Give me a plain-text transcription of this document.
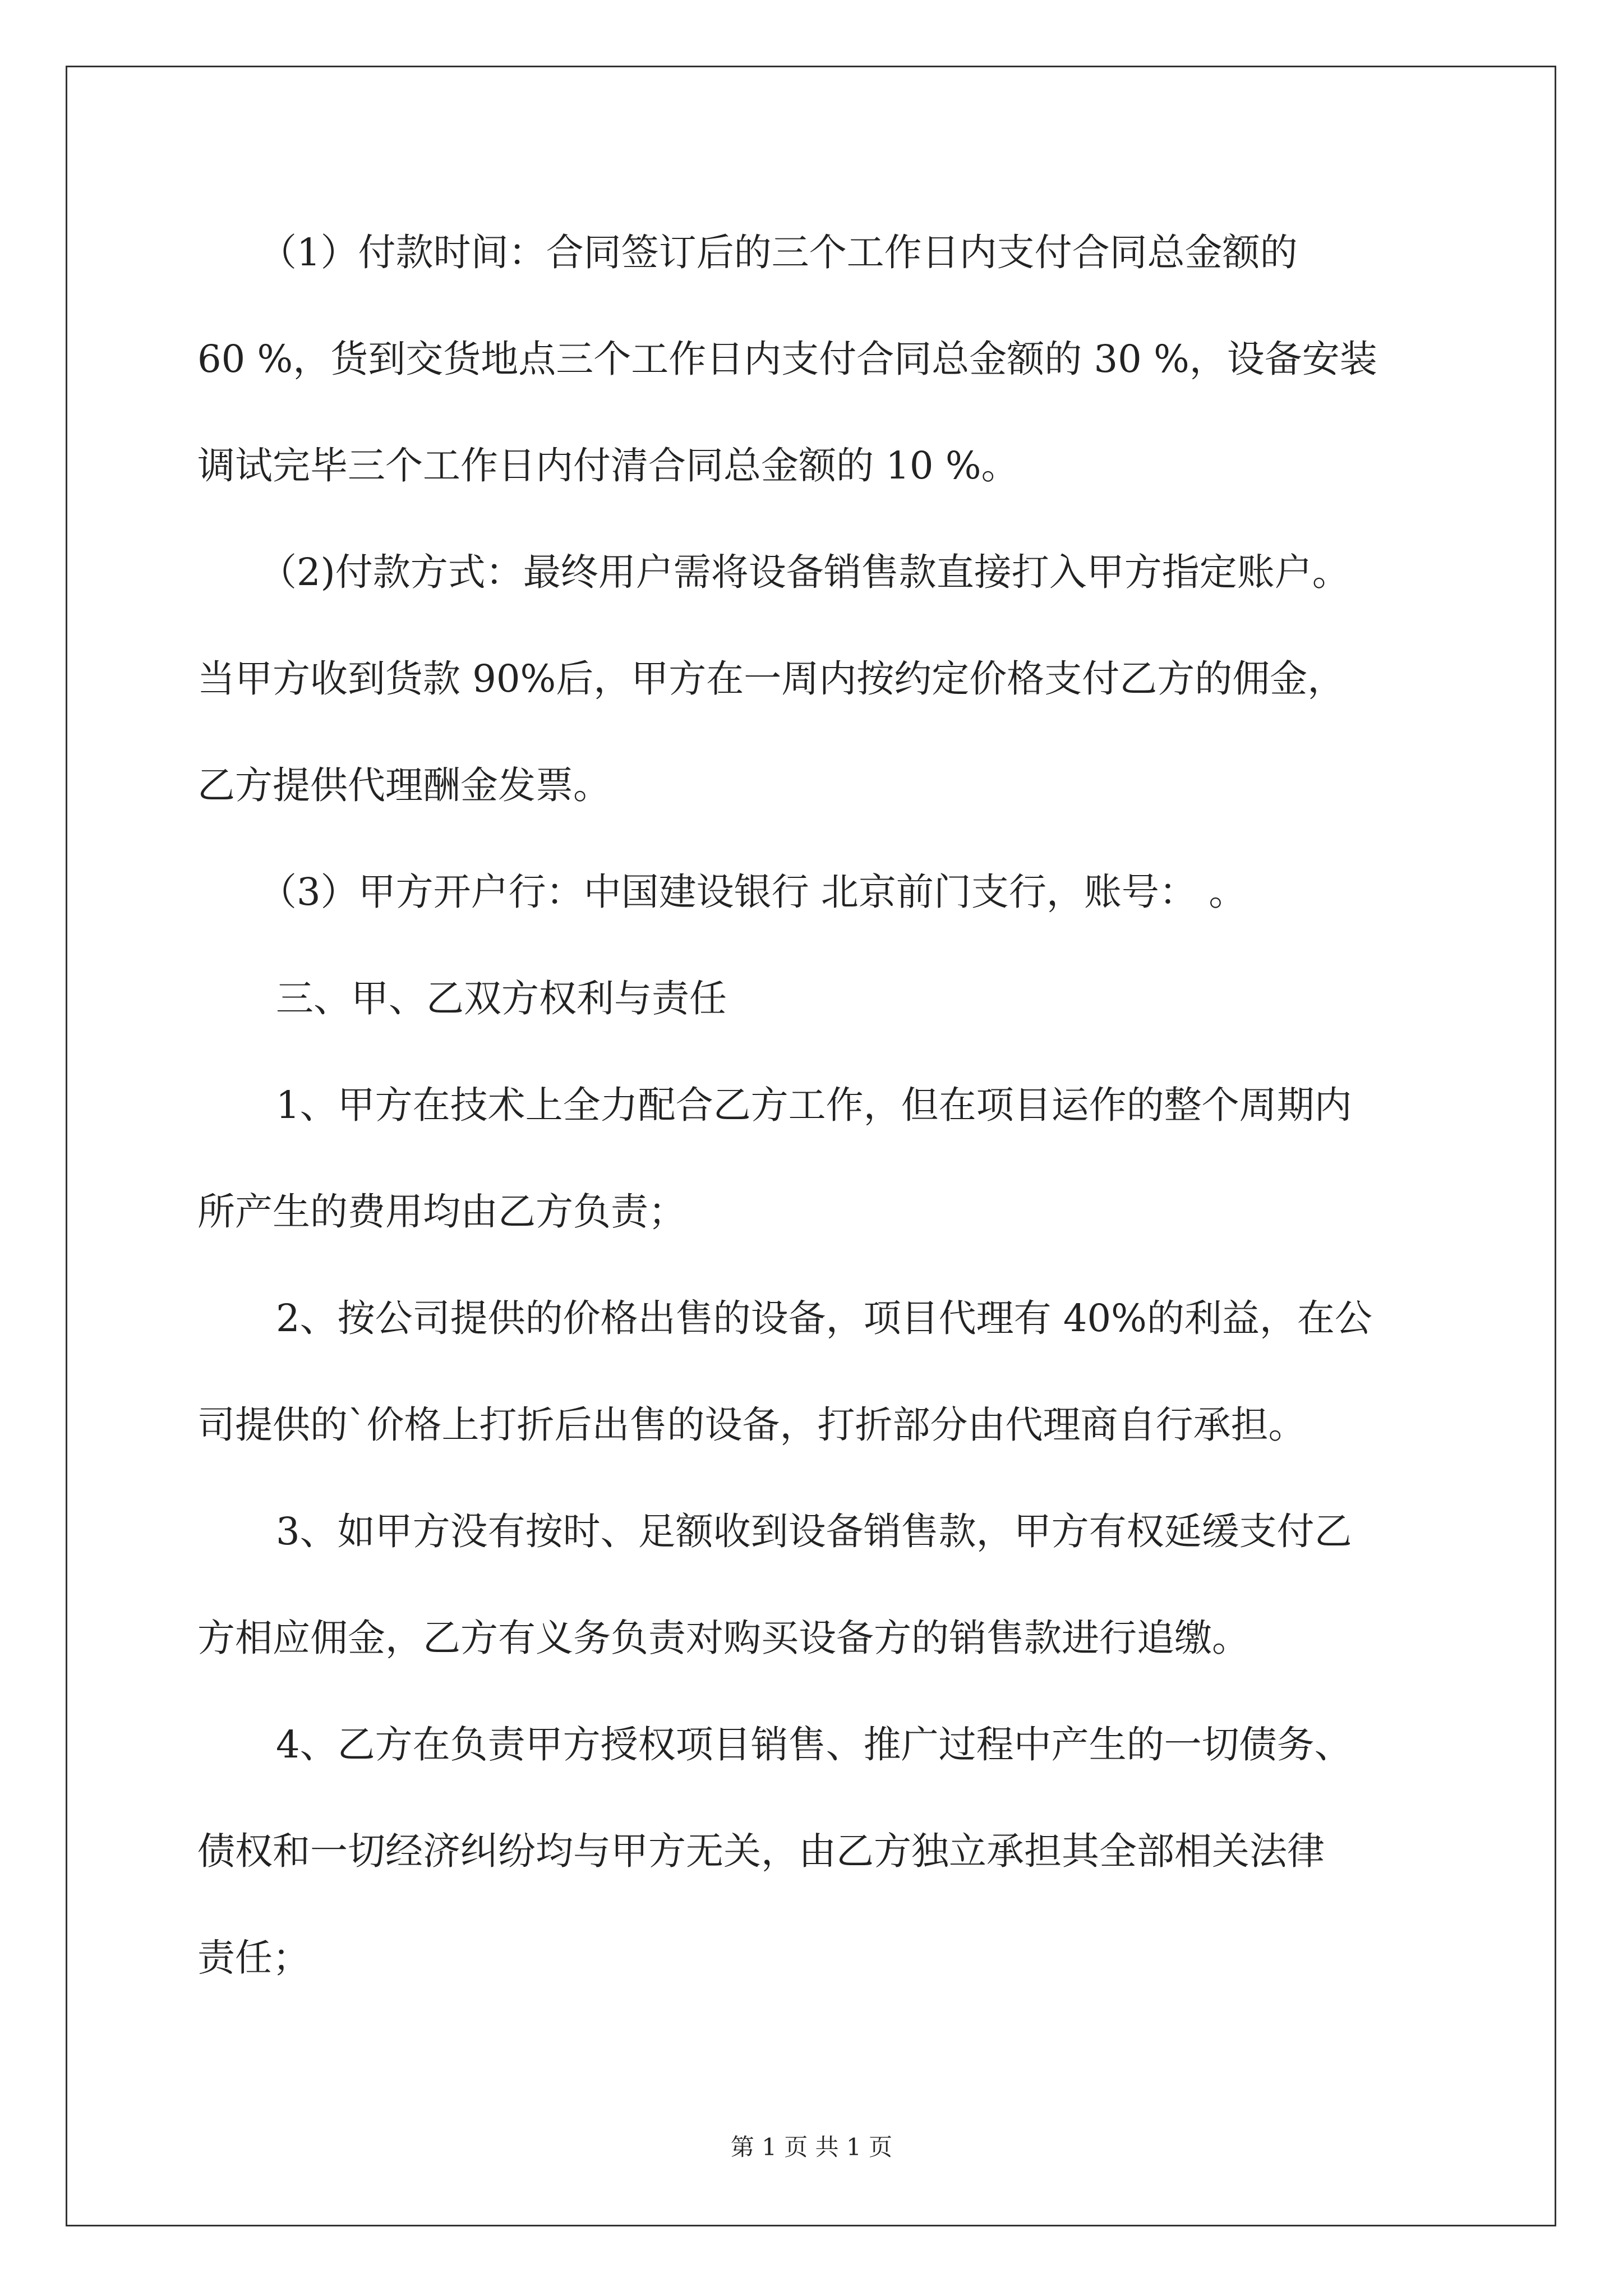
（1）付款时间：合同签订后的三个工作日内支付合同总金额的

60 %，货到交货地点三个工作日内支付合同总金额的 30 %，设备安装

调试完毕三个工作日内付清合同总金额的 10 %。

（2)付款方式：最终用户需将设备销售款直接打入甲方指定账户。

当甲方收到货款 90%后，甲方在一周内按约定价格支付乙方的佣金，

乙方提供代理酬金发票。

（3）甲方开户行：中国建设银行 北京前门支行，账号： 。

三、甲、乙双方权利与责任

1、甲方在技术上全力配合乙方工作，但在项目运作的整个周期内

所产生的费用均由乙方负责；

2、按公司提供的价格出售的设备，项目代理有 40%的利益，在公

司提供的`价格上打折后出售的设备，打折部分由代理商自行承担。

3、如甲方没有按时、足额收到设备销售款，甲方有权延缓支付乙

方相应佣金，乙方有义务负责对购买设备方的销售款进行追缴。

4、乙方在负责甲方授权项目销售、推广过程中产生的一切债务、

债权和一切经济纠纷均与甲方无关，由乙方独立承担其全部相关法律

责任；

第 1 页 共 1 页
